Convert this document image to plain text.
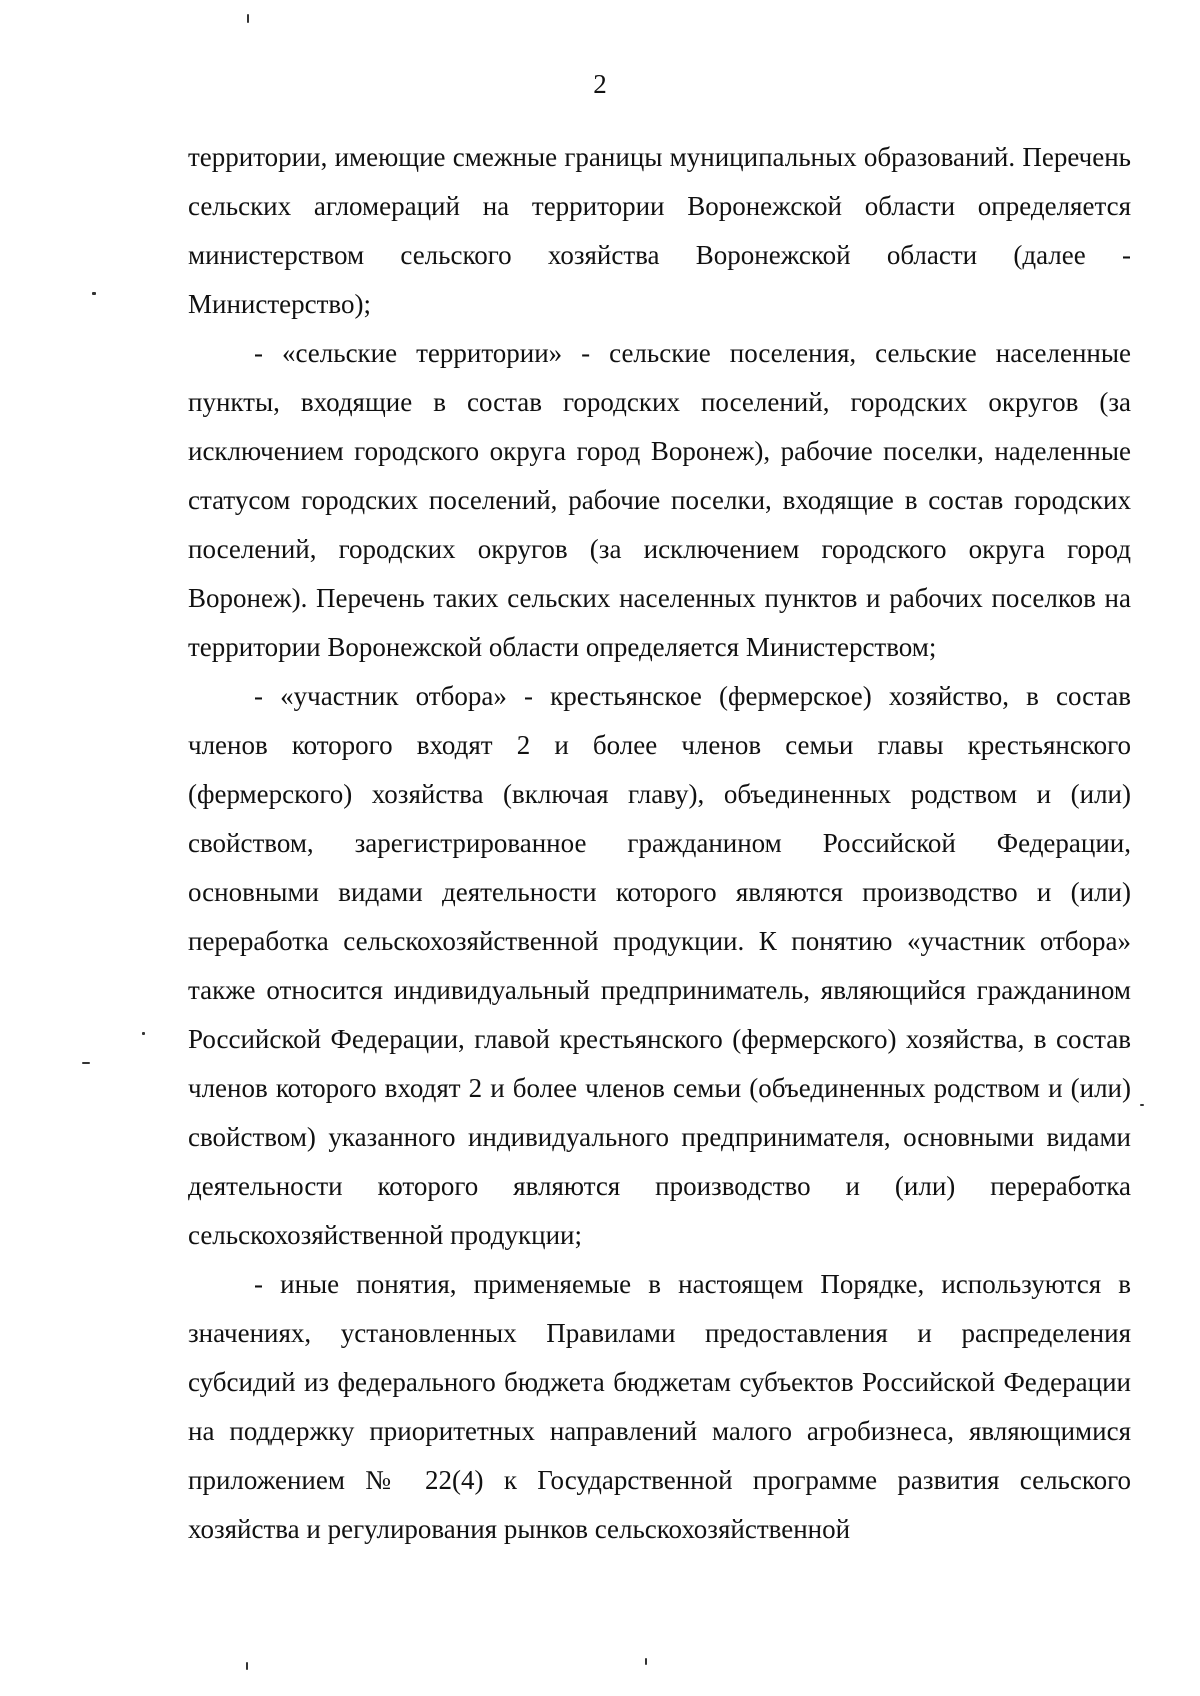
2

территории, имеющие смежные границы муниципальных образований. Перечень сельских агломераций на территории Воронежской области определяется министерством сельского хозяйства Воронежской области (далее - Министерство);

- «сельские территории» - сельские поселения, сельские населенные пункты, входящие в состав городских поселений, городских округов (за исключением городского округа город Воронеж), рабочие поселки, наделенные статусом городских поселений, рабочие поселки, входящие в состав городских поселений, городских округов (за исключением городского округа город Воронеж). Перечень таких сельских населенных пунктов и рабочих поселков на территории Воронежской области определяется Министерством;

- «участник отбора» - крестьянское (фермерское) хозяйство, в состав членов которого входят 2 и более членов семьи главы крестьянского (фермерского) хозяйства (включая главу), объединенных родством и (или) свойством, зарегистрированное гражданином Российской Федерации, основными видами деятельности которого являются производство и (или) переработка сельскохозяйственной продукции. К понятию «участник отбора» также относится индивидуальный предприниматель, являющийся гражданином Российской Федерации, главой крестьянского (фермерского) хозяйства, в состав членов которого входят 2 и более членов семьи (объединенных родством и (или) свойством) указанного индивидуального предпринимателя, основными видами деятельности которого являются производство и (или) переработка сельскохозяйственной продукции;

- иные понятия, применяемые в настоящем Порядке, используются в значениях, установленных Правилами предоставления и распределения субсидий из федерального бюджета бюджетам субъектов Российской Федерации на поддержку приоритетных направлений малого агробизнеса, являющимися приложением № 22(4) к Государственной программе развития сельского хозяйства и регулирования рынков сельскохозяйственной
